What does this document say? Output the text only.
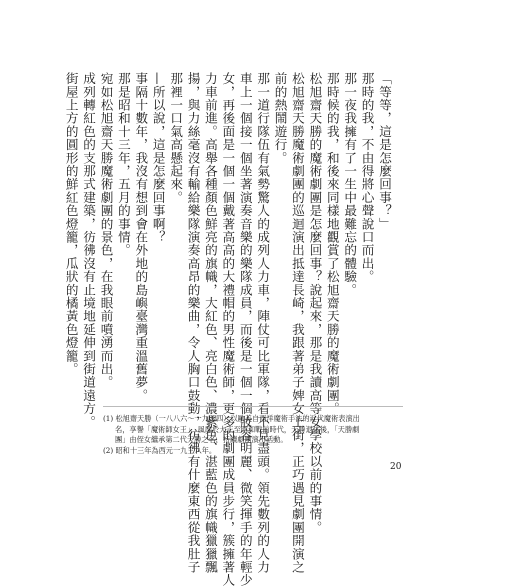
「等等，這是怎麼回事？」
那時的我，不由得將心聲說口而出。
那一夜我擁有了一生中最難忘的體驗。
那時候的我，和後來同樣地觀賞了松旭齋天勝的魔術劇團。
松旭齋天勝的魔術劇團是怎麼回事？說起來，那是我讀高等女學校以前的事情。
松旭齋天勝魔術劇團的巡迴演出抵達長崎，我跟著弟子婢女上街，正巧遇見劇團開演之
前的熱鬧遊行。
那一道行隊伍有氣勢驚人的成列人力車，陣仗可比軍隊，看不見盡頭。領先數列的人力
車上一個接一個坐著演奏音樂的樂隊成員，而後是一個一個妝容明麗、微笑揮手的年輕少
女，再後面是一個一個戴著高高的大禮帽的男性魔術師，更多的劇團成員步行，簇擁著人
力車前進。高舉各種顏色鮮亮的旗幟，大紅色、亮白色、濃紫色、湛藍色的旗幟獵獵飄
揚，與力絲毫沒有輸給樂隊演奏高昂的樂曲，令人胸口鼓動，彷彿有什麼東西從我肚子
那裡一口氣高懸起來。
—所以說，這是怎麼回事啊？
事隔十數年，我沒有想到會在外地的島嶼臺灣重溫舊夢。
那是昭和十三年，五月的事情。
宛如松旭齋天勝魔術劇團的景色，在我眼前噴湧而出。
成列轉紅色的支那式建築，彷彿沒有止境地延伸到街道遠方。
街屋上方的圓形的鮮紅色燈籠，瓜狀的橘黃色燈籠。
(1) 松旭齋天勝（一八八六～一九四四）以歐美自西洋魔術手法的近代魔術表演出
名，享譽「魔術師女王」，風靡於大正至昭和戰前時代，天勝退休後，「天勝劇
團」由侄女繼承第二代天勝之名，持續劇團演出活動。
(2) 昭和十三年為西元一九三八年。
20
